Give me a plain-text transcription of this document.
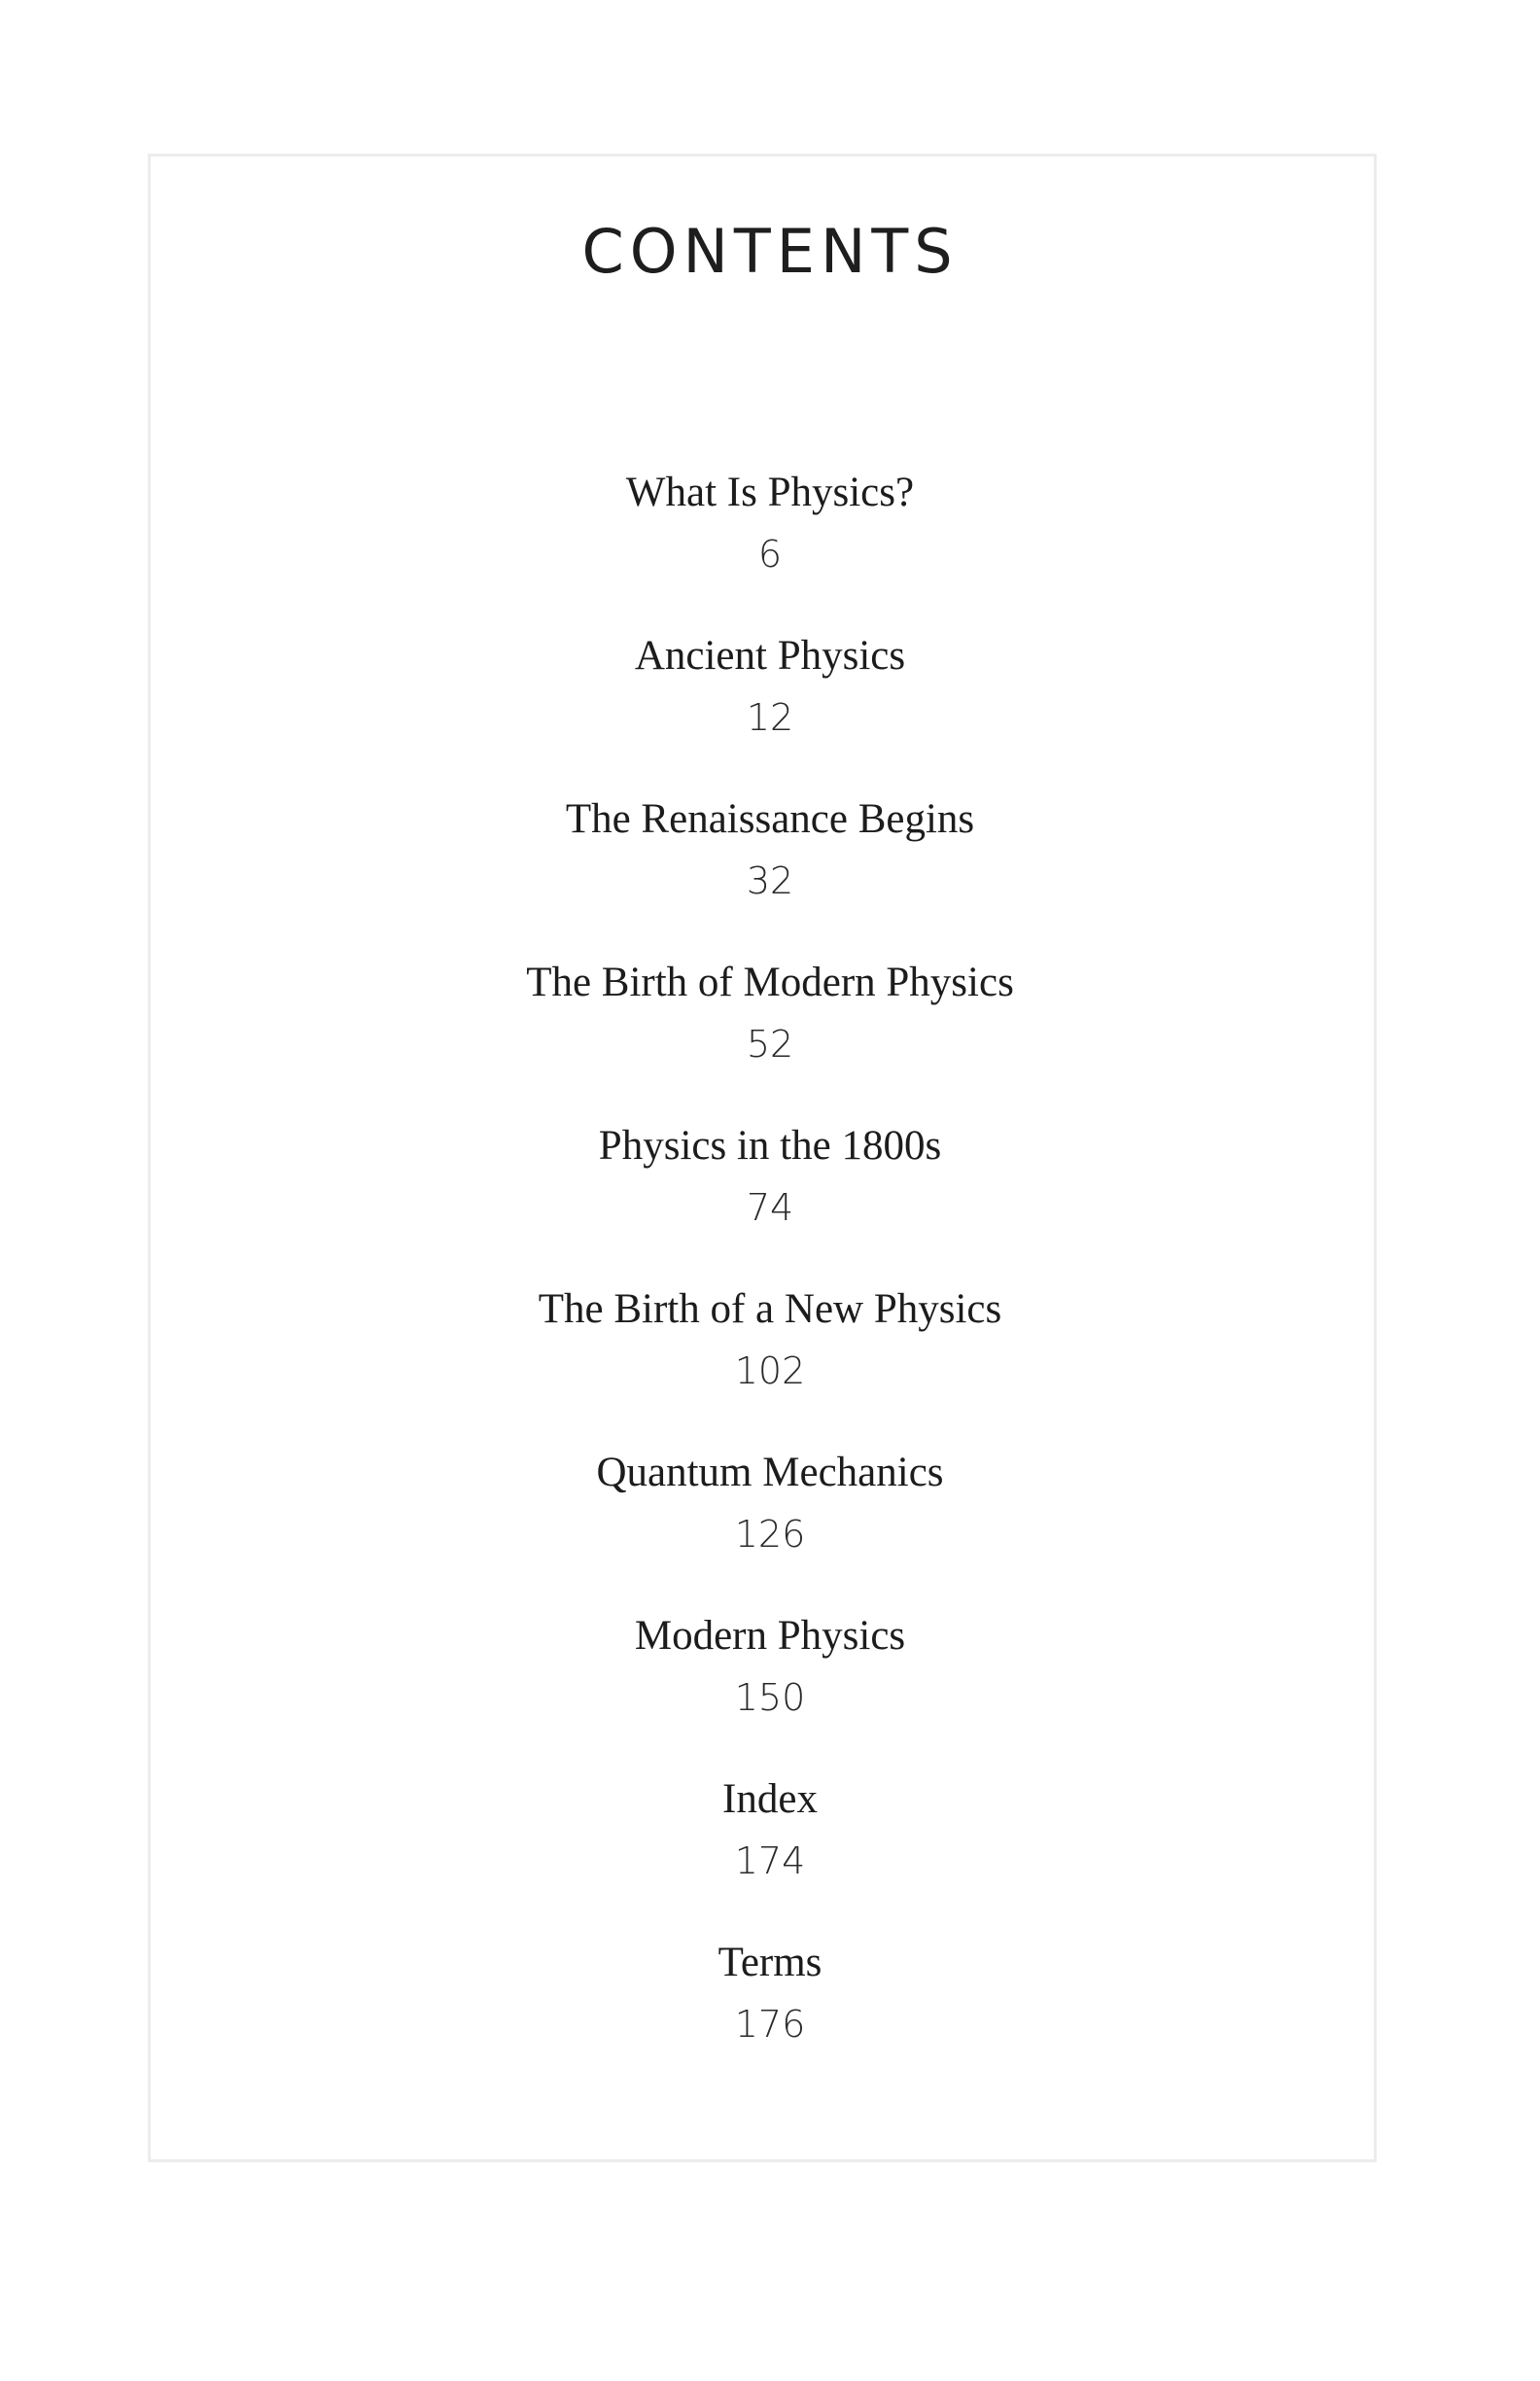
CONTENTS
What Is Physics?
6
Ancient Physics
12
The Renaissance Begins
32
The Birth of Modern Physics
52
Physics in the 1800s
74
The Birth of a New Physics
102
Quantum Mechanics
126
Modern Physics
150
Index
174
Terms
176
